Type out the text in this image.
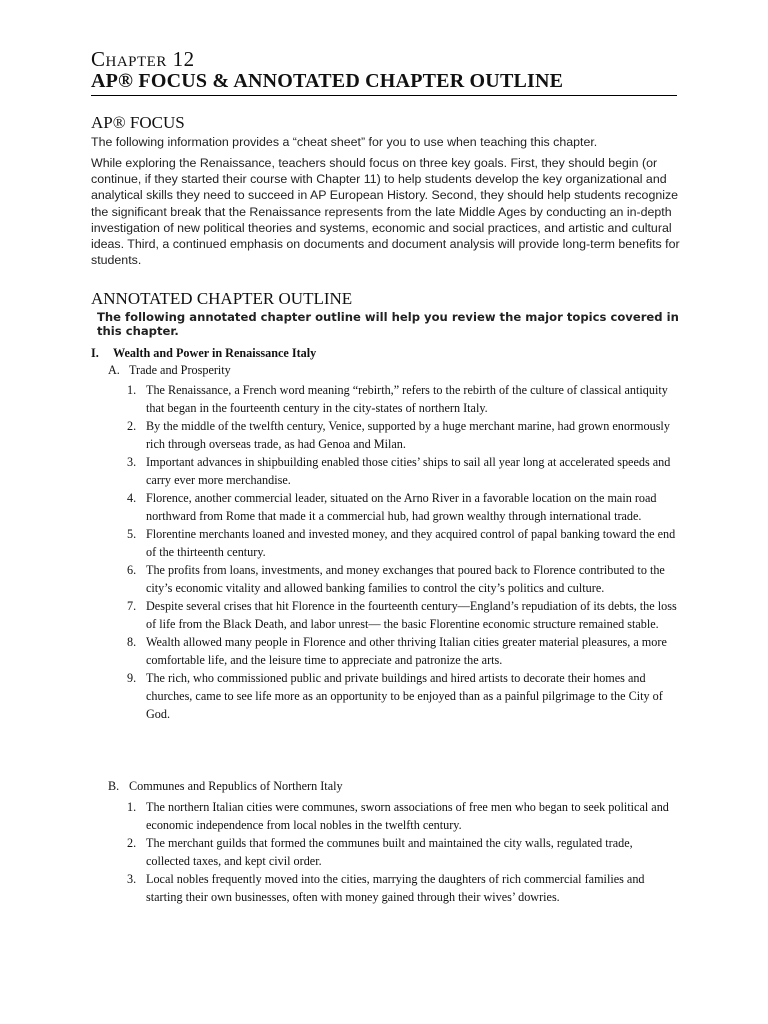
Chapter 12
AP® FOCUS & ANNOTATED CHAPTER OUTLINE
AP® FOCUS
The following information provides a “cheat sheet” for you to use when teaching this chapter.

While exploring the Renaissance, teachers should focus on three key goals. First, they should begin (or continue, if they started their course with Chapter 11) to help students develop the key organizational and analytical skills they need to succeed in AP European History. Second, they should help students recognize the significant break that the Renaissance represents from the late Middle Ages by conducting an in-depth investigation of new political theories and systems, economic and social practices, and artistic and cultural ideas. Third, a continued emphasis on documents and document analysis will provide long-term benefits for students.

ANNOTATED CHAPTER OUTLINE
The following annotated chapter outline will help you review the major topics covered in this chapter.
I. Wealth and Power in Renaissance Italy
A. Trade and Prosperity
1. The Renaissance, a French word meaning “rebirth,” refers to the rebirth of the culture of classical antiquity that began in the fourteenth century in the city-states of northern Italy.
2. By the middle of the twelfth century, Venice, supported by a huge merchant marine, had grown enormously rich through overseas trade, as had Genoa and Milan.
3. Important advances in shipbuilding enabled those cities’ ships to sail all year long at accelerated speeds and carry ever more merchandise.
4. Florence, another commercial leader, situated on the Arno River in a favorable location on the main road northward from Rome that made it a commercial hub, had grown wealthy through international trade.
5. Florentine merchants loaned and invested money, and they acquired control of papal banking toward the end of the thirteenth century.
6. The profits from loans, investments, and money exchanges that poured back to Florence contributed to the city’s economic vitality and allowed banking families to control the city’s politics and culture.
7. Despite several crises that hit Florence in the fourteenth century—England’s repudiation of its debts, the loss of life from the Black Death, and labor unrest— the basic Florentine economic structure remained stable.
8. Wealth allowed many people in Florence and other thriving Italian cities greater material pleasures, a more comfortable life, and the leisure time to appreciate and patronize the arts.
9. The rich, who commissioned public and private buildings and hired artists to decorate their homes and churches, came to see life more as an opportunity to be enjoyed than as a painful pilgrimage to the City of God.
B. Communes and Republics of Northern Italy
1. The northern Italian cities were communes, sworn associations of free men who began to seek political and economic independence from local nobles in the twelfth century.
2. The merchant guilds that formed the communes built and maintained the city walls, regulated trade, collected taxes, and kept civil order.
3. Local nobles frequently moved into the cities, marrying the daughters of rich commercial families and starting their own businesses, often with money gained through their wives’ dowries.
